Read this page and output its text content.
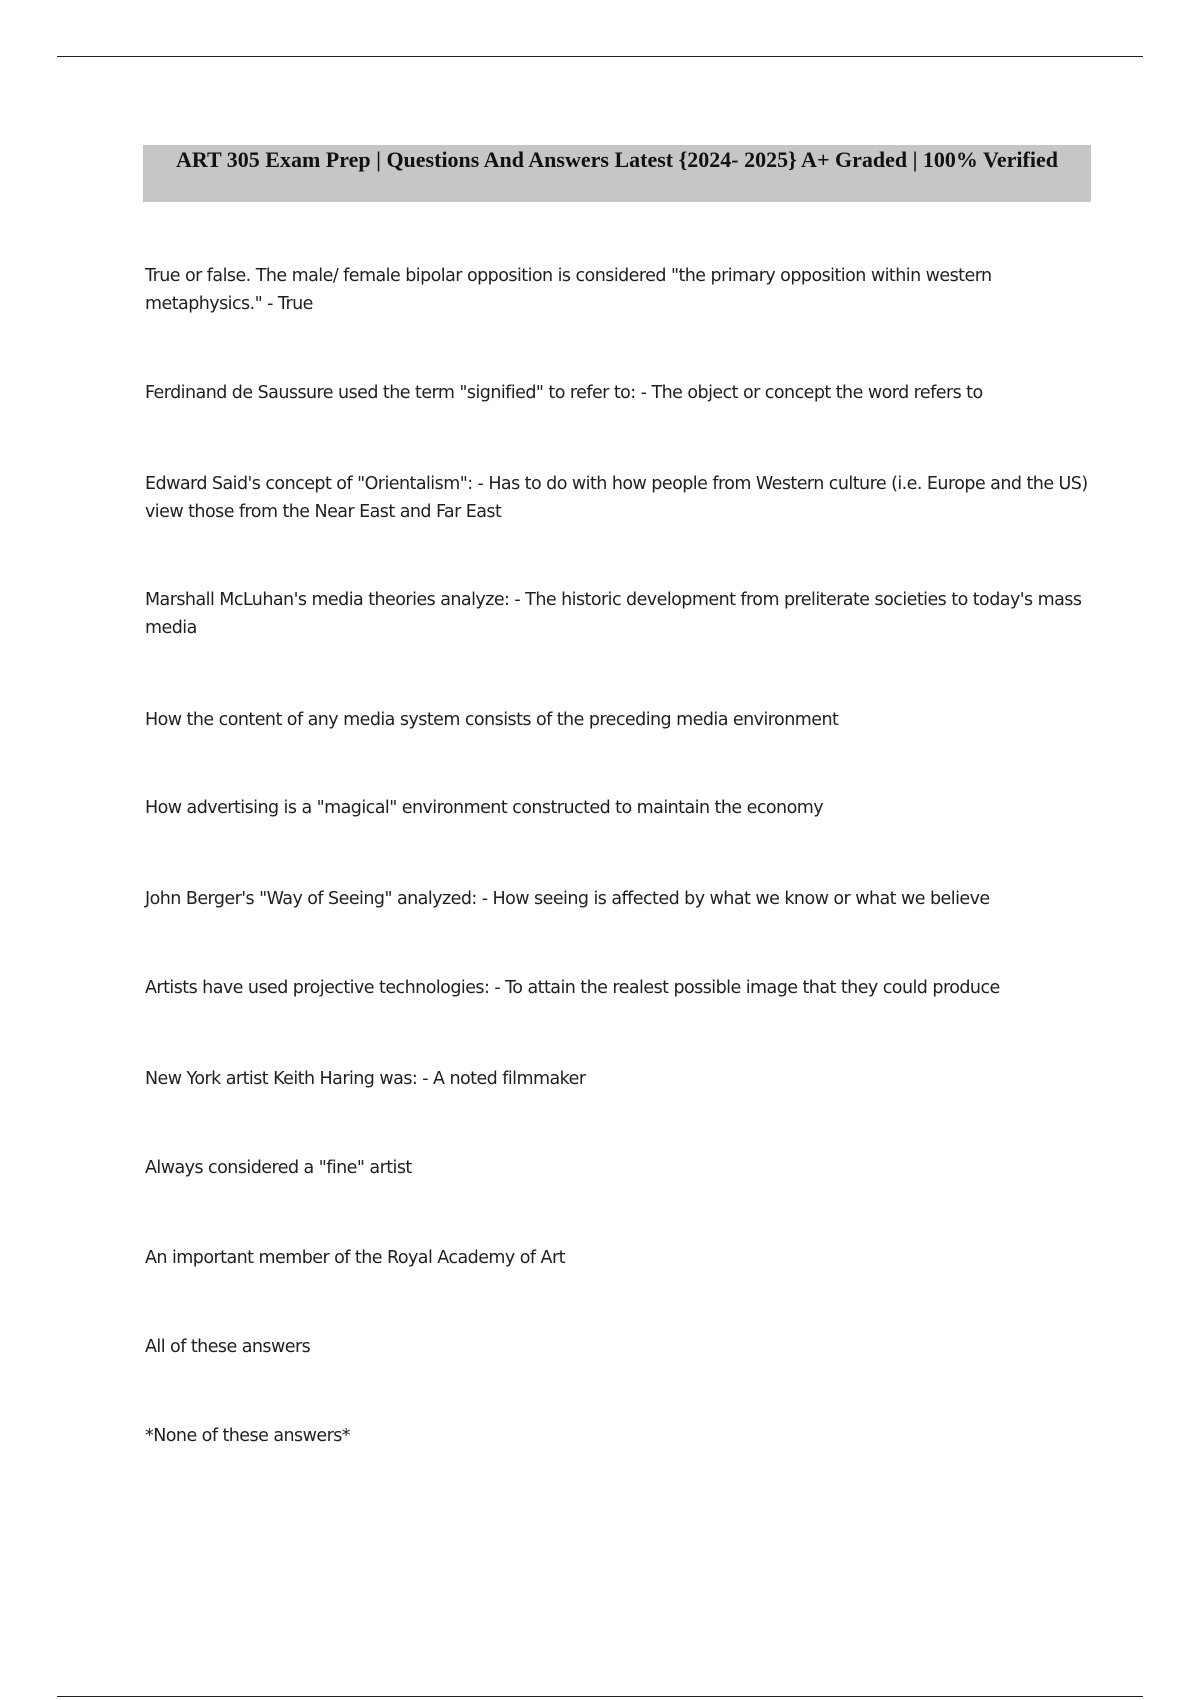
ART 305 Exam Prep | Questions And Answers Latest {2024- 2025} A+ Graded | 100% Verified

True or false. The male/ female bipolar opposition is considered "the primary opposition within western metaphysics." - True

Ferdinand de Saussure used the term "signified" to refer to: - The object or concept the word refers to

Edward Said's concept of "Orientalism": - Has to do with how people from Western culture (i.e. Europe and the US) view those from the Near East and Far East

Marshall McLuhan's media theories analyze: - The historic development from preliterate societies to today's mass media

How the content of any media system consists of the preceding media environment

How advertising is a "magical" environment constructed to maintain the economy

John Berger's "Way of Seeing" analyzed: - How seeing is affected by what we know or what we believe

Artists have used projective technologies: - To attain the realest possible image that they could produce

New York artist Keith Haring was: - A noted filmmaker

Always considered a "fine" artist

An important member of the Royal Academy of Art

All of these answers

*None of these answers*
